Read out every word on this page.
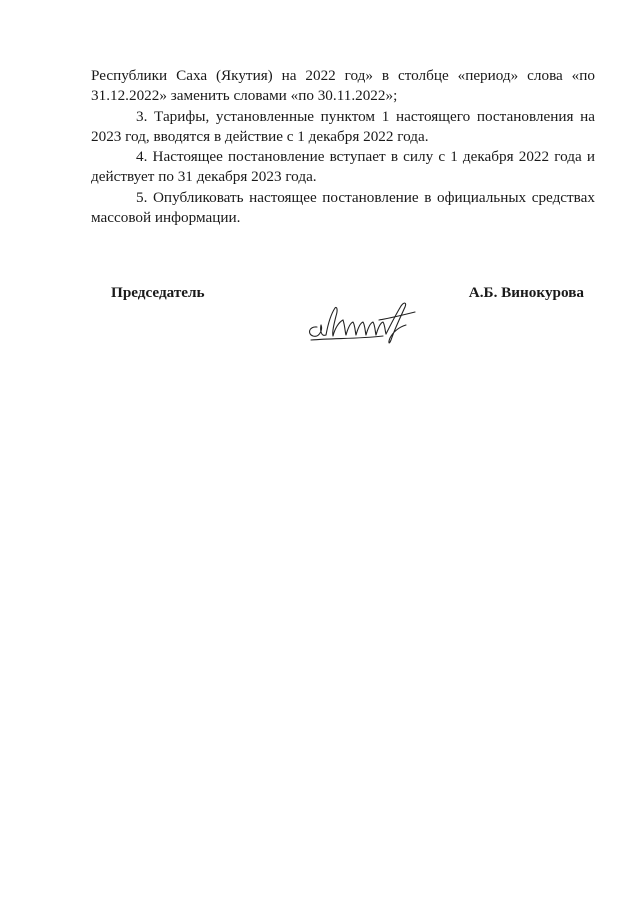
Республики Саха (Якутия) на 2022 год» в столбце «период» слова «по 31.12.2022» заменить словами «по 30.11.2022»;

3. Тарифы, установленные пунктом 1 настоящего постановления на 2023 год, вводятся в действие с 1 декабря 2022 года.

4. Настоящее постановление вступает в силу с 1 декабря 2022 года и действует по 31 декабря 2023 года.

5. Опубликовать настоящее постановление в официальных средствах массовой информации.

Председатель	А.Б. Винокурова
